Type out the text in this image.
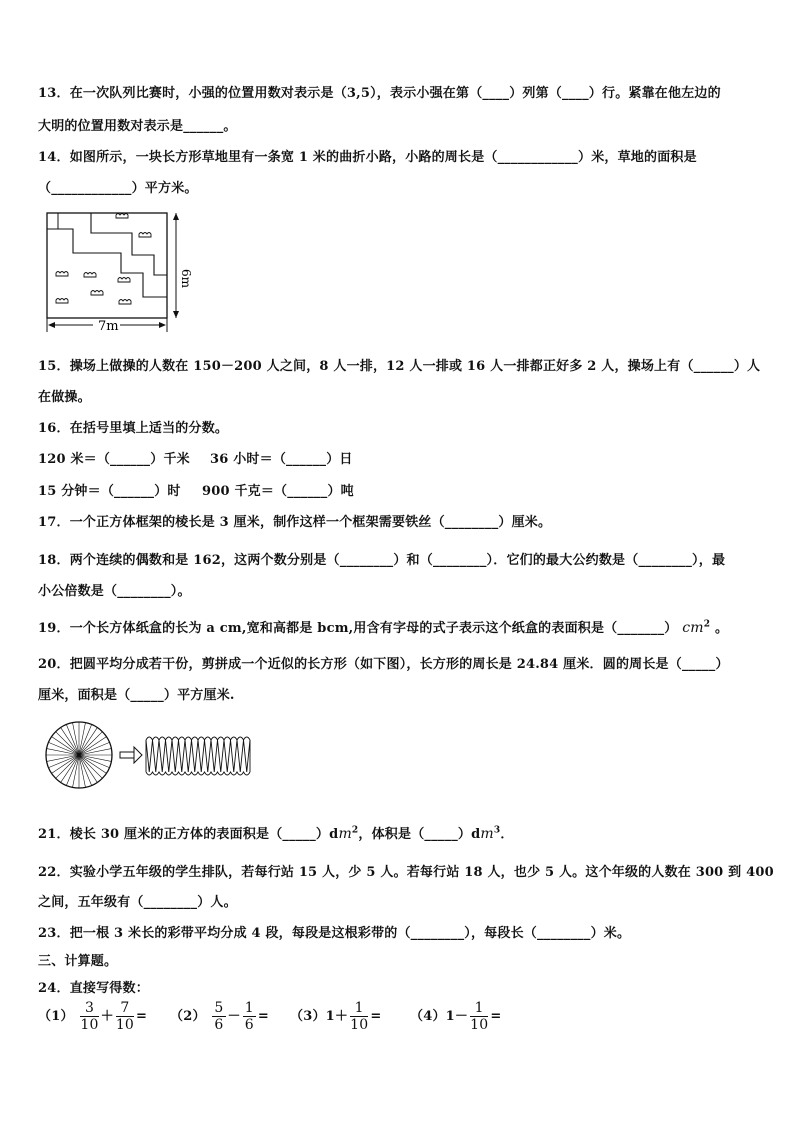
13．在一次队列比赛时，小强的位置用数对表示是（3,5），表示小强在第（____）列第（____）行。紧靠在他左边的
大明的位置用数对表示是______。
14．如图所示，一块长方形草地里有一条宽 1 米的曲折小路，小路的周长是（____________）米，草地的面积是
（____________）平方米。
6m
7m
15．操场上做操的人数在 150－200 人之间，8 人一排，12 人一排或 16 人一排都正好多 2 人，操场上有（______）人
在做操。
16．在括号里填上适当的分数。
120 米＝（______）千米 36 小时＝（______）日
15 分钟＝（______）时 900 千克＝（______）吨
17．一个正方体框架的棱长是 3 厘米，制作这样一个框架需要铁丝（________）厘米。
18．两个连续的偶数和是 162，这两个数分别是（________）和（________）．它们的最大公约数是（________），最
小公倍数是（________）。
19．一个长方体纸盒的长为 a cm,宽和高都是 bcm,用含有字母的式子表示这个纸盒的表面积是（_______） $cm^2$ 。
20．把圆平均分成若干份，剪拼成一个近似的长方形（如下图），长方形的周长是 24.84 厘米．圆的周长是（_____）
厘米，面积是（_____）平方厘米.
21．棱长 30 厘米的正方体的表面积是$(\_\_\_\_\_)dm^2$，体积是$(\_\_\_\_\_)dm^3$．
22．实验小学五年级的学生排队，若每行站 15 人，少 5 人。若每行站 18 人，也少 5 人。这个年级的人数在 300 到 400
之间，五年级有（________）人。
23．把一根 3 米长的彩带平均分成 4 段，每段是这根彩带的（________），每段长（________）米。
三、计算题。
24．直接写得数：
$(1) \frac{3}{10} + \frac{7}{10} = (2) \frac{5}{6} - \frac{1}{6} = (3)1+ \frac{1}{10} = (4)1- \frac{1}{10}$ =
